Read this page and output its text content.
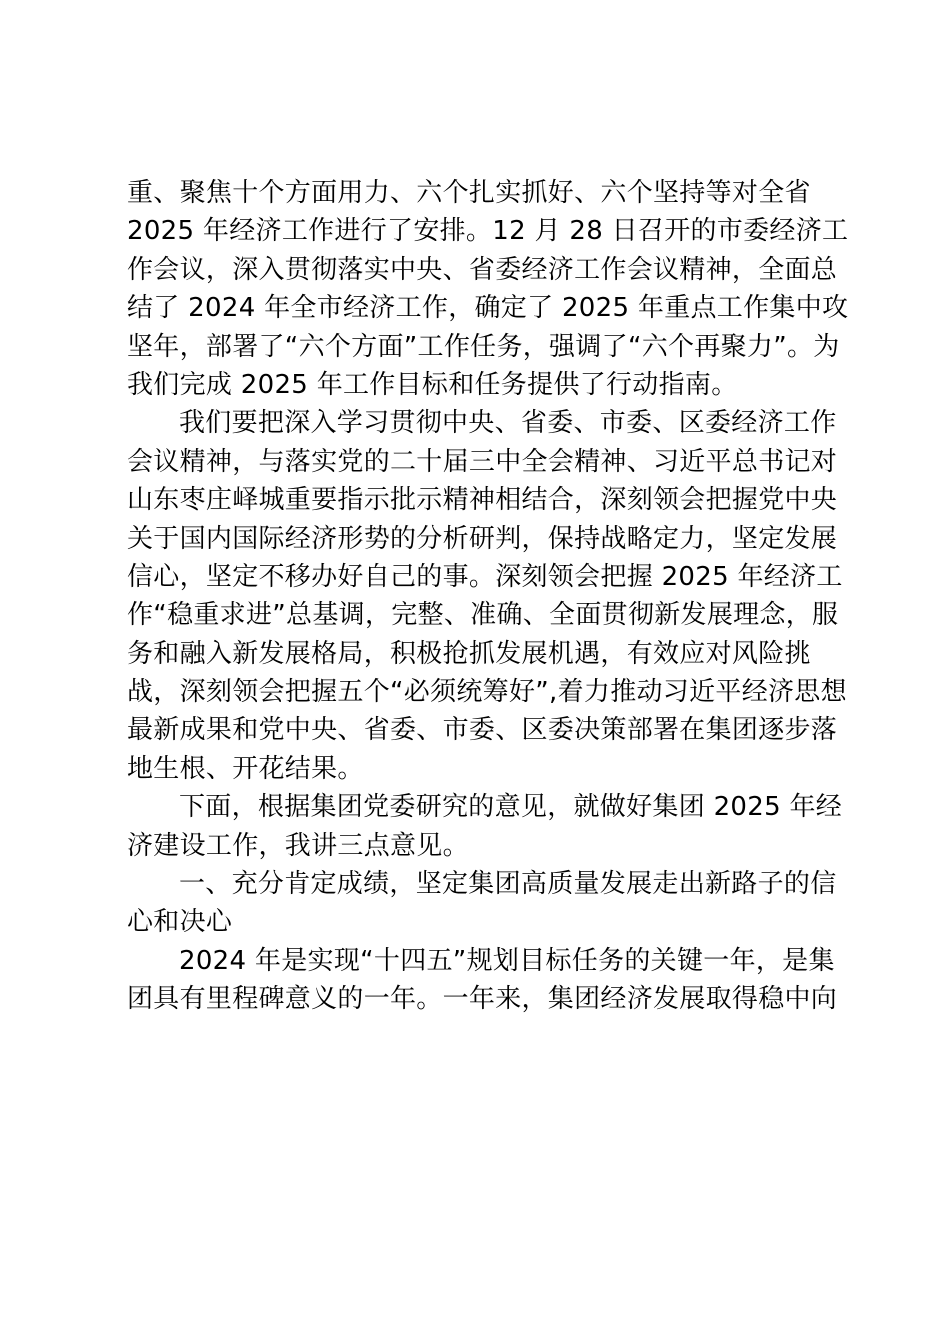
重、聚焦十个方面用力、六个扎实抓好、六个坚持等对全省
2025 年经济工作进行了安排。12 月 28 日召开的市委经济工
作会议，深入贯彻落实中央、省委经济工作会议精神，全面总
结了 2024 年全市经济工作，确定了 2025 年重点工作集中攻
坚年，部署了“六个方面”工作任务，强调了“六个再聚力”。为
我们完成 2025 年工作目标和任务提供了行动指南。
我们要把深入学习贯彻中央、省委、市委、区委经济工作
会议精神，与落实党的二十届三中全会精神、习近平总书记对
山东枣庄峄城重要指示批示精神相结合，深刻领会把握党中央
关于国内国际经济形势的分析研判，保持战略定力，坚定发展
信心，坚定不移办好自己的事。深刻领会把握 2025 年经济工
作“稳重求进”总基调，完整、准确、全面贯彻新发展理念，服
务和融入新发展格局，积极抢抓发展机遇，有效应对风险挑
战，深刻领会把握五个“必须统筹好”,着力推动习近平经济思想
最新成果和党中央、省委、市委、区委决策部署在集团逐步落
地生根、开花结果。
下面，根据集团党委研究的意见，就做好集团 2025 年经
济建设工作，我讲三点意见。
一、充分肯定成绩，坚定集团高质量发展走出新路子的信
心和决心
2024 年是实现“十四五”规划目标任务的关键一年，是集
团具有里程碑意义的一年。一年来，集团经济发展取得稳中向
